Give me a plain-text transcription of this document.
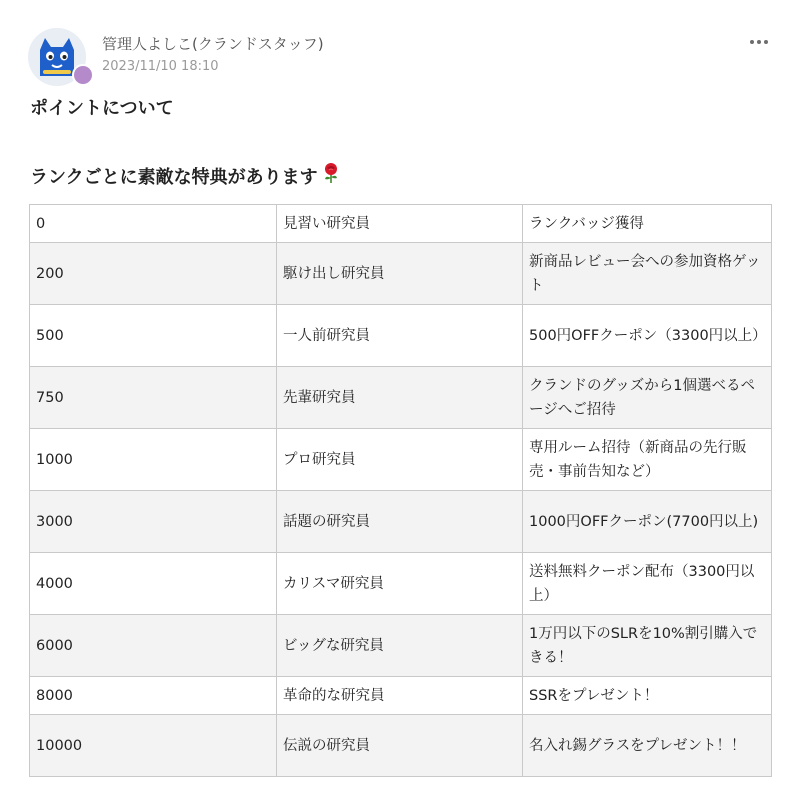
管理人よしこ(クランドスタッフ)
2023/11/10 18:10
ポイントについて
ランクごとに素敵な特典があります
0	見習い研究員	ランクバッジ獲得
200	駆け出し研究員	新商品レビュー会への参加資格ゲット
500	一人前研究員	500円OFFクーポン（3300円以上）
750	先輩研究員	クランドのグッズから1個選べるページへご招待
1000	プロ研究員	専用ルーム招待（新商品の先行販売・事前告知など）
3000	話題の研究員	1000円OFFクーポン(7700円以上)
4000	カリスマ研究員	送料無料クーポン配布（3300円以上）
6000	ビッグな研究員	1万円以下のSLRを10%割引購入できる！
8000	革命的な研究員	SSRをプレゼント！
10000	伝説の研究員	名入れ錫グラスをプレゼント！！
